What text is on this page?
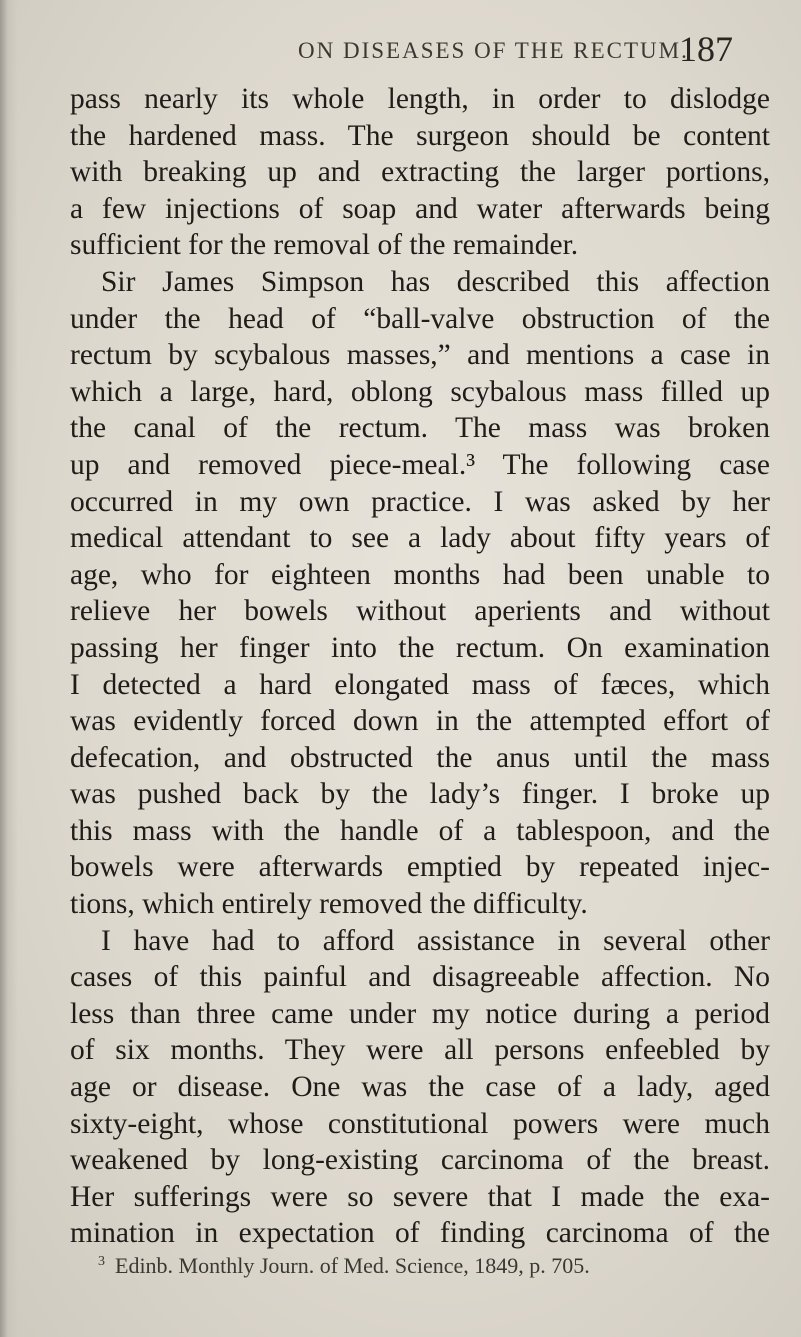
ON DISEASES OF THE RECTUM.
187
pass nearly its whole length, in order to dislodge
the hardened mass. The surgeon should be content
with breaking up and extracting the larger portions,
a few injections of soap and water afterwards being
sufficient for the removal of the remainder.
Sir James Simpson has described this affection
under the head of “ball-valve obstruction of the
rectum by scybalous masses,” and mentions a case in
which a large, hard, oblong scybalous mass filled up
the canal of the rectum. The mass was broken
up and removed piece-meal.³ The following case
occurred in my own practice. I was asked by her
medical attendant to see a lady about fifty years of
age, who for eighteen months had been unable to
relieve her bowels without aperients and without
passing her finger into the rectum. On examination
I detected a hard elongated mass of fæces, which
was evidently forced down in the attempted effort of
defecation, and obstructed the anus until the mass
was pushed back by the lady’s finger. I broke up
this mass with the handle of a tablespoon, and the
bowels were afterwards emptied by repeated injec-
tions, which entirely removed the difficulty.
I have had to afford assistance in several other
cases of this painful and disagreeable affection. No
less than three came under my notice during a period
of six months. They were all persons enfeebled by
age or disease. One was the case of a lady, aged
sixty-eight, whose constitutional powers were much
weakened by long-existing carcinoma of the breast.
Her sufferings were so severe that I made the exa-
mination in expectation of finding carcinoma of the
$^3$ Edinb. Monthly Journ. of Med. Science, 1849, p. 705.
